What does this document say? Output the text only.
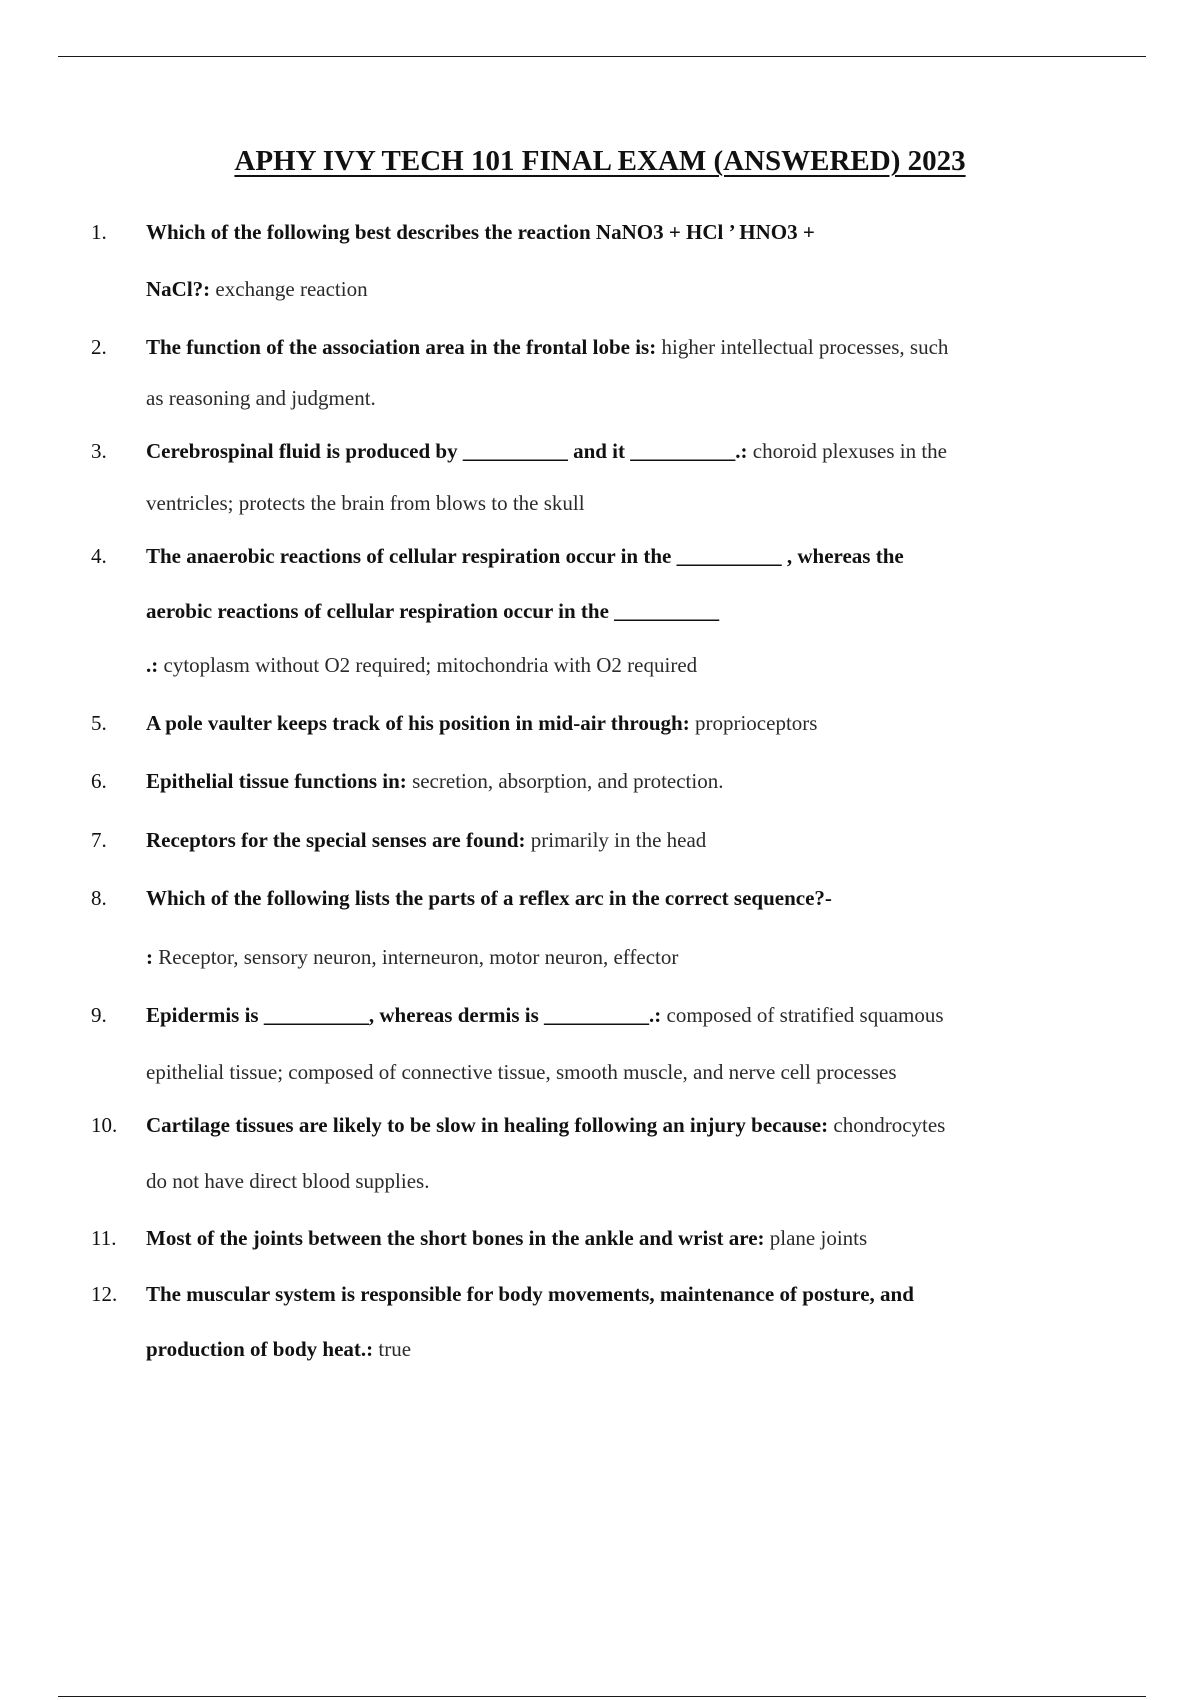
APHY IVY TECH 101 FINAL EXAM (ANSWERED) 2023
1. Which of the following best describes the reaction NaNO3 + HCl ’ HNO3 +
NaCl?: exchange reaction
2. The function of the association area in the frontal lobe is: higher intellectual processes, such
as reasoning and judgment.
3. Cerebrospinal fluid is produced by __________ and it __________.: choroid plexuses in the
ventricles; protects the brain from blows to the skull
4. The anaerobic reactions of cellular respiration occur in the __________ , whereas the
aerobic reactions of cellular respiration occur in the __________
.: cytoplasm without O2 required; mitochondria with O2 required
5. A pole vaulter keeps track of his position in mid-air through: proprioceptors
6. Epithelial tissue functions in: secretion, absorption, and protection.
7. Receptors for the special senses are found: primarily in the head
8. Which of the following lists the parts of a reflex arc in the correct sequence?-
: Receptor, sensory neuron, interneuron, motor neuron, effector
9. Epidermis is __________, whereas dermis is __________.: composed of stratified squamous
epithelial tissue; composed of connective tissue, smooth muscle, and nerve cell processes
10. Cartilage tissues are likely to be slow in healing following an injury because: chondrocytes
do not have direct blood supplies.
11. Most of the joints between the short bones in the ankle and wrist are: plane joints
12. The muscular system is responsible for body movements, maintenance of posture, and
production of body heat.: true
